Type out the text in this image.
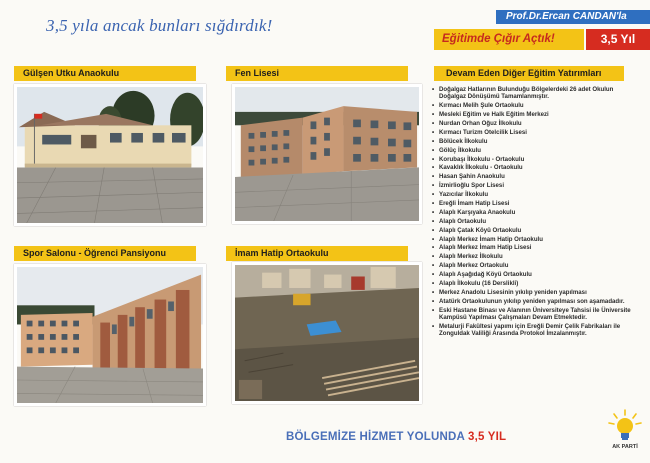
3,5 yıla ancak bunları sığdırdık!	Prof.Dr.Ercan CANDAN'la
Eğitimde Çığır Açtık!	3,5 Yıl
Gülşen Utku Anaokulu	Fen Lisesi
Spor Salonu - Öğrenci Pansiyonu	İmam Hatip Ortaokulu
Devam Eden Diğer Eğitim Yatırımları
• Doğalgaz Hatlarının Bulunduğu Bölgelerdeki 26 adet Okulun Doğalgaz Dönüşümü Tamamlanmıştır.
• Kırmacı Melih Şule Ortaokulu
• Mesleki Eğitim ve Halk Eğitim Merkezi
• Nurdan Orhan Oğuz İlkokulu
• Kırmacı Turizm Otelcilik Lisesi
• Bölücek İlkokulu
• Gölüç İlkokulu
• Korubaşı İlkokulu - Ortaokulu
• Kavaklık İlkokulu - Ortaokulu
• Hasan Şahin Anaokulu
• İzmirlioğlu Spor Lisesi
• Yazıcılar İlkokulu
• Ereğli İmam Hatip Lisesi
• Alaplı Karşıyaka Anaokulu
• Alaplı Ortaokulu
• Alaplı Çatak Köyü Ortaokulu
• Alaplı Merkez İmam Hatip Ortaokulu
• Alaplı Merkez İmam Hatip Lisesi
• Alaplı Merkez İlkokulu
• Alaplı Merkez Ortaokulu
• Alaplı Aşağıdağ Köyü Ortaokulu
• Alaplı İlkokulu (16 Derslikli)
• Merkez Anadolu Lisesinin yıkılıp yeniden yapılması
• Atatürk Ortaokulunun yıkılıp yeniden yapılması son aşamadadır.
• Eski Hastane Binası ve Alanının Üniversiteye Tahsisi ile Üniversite Kampüsü Yapılması Çalışmaları Devam Etmektedir.
• Metalurji Fakültesi yapımı için Ereğli Demir Çelik Fabrikaları ile Zonguldak Valiliği Arasında Protokol İmzalanmıştır.
BÖLGEMİZE HİZMET YOLUNDA 3,5 YIL
AK PARTİ
